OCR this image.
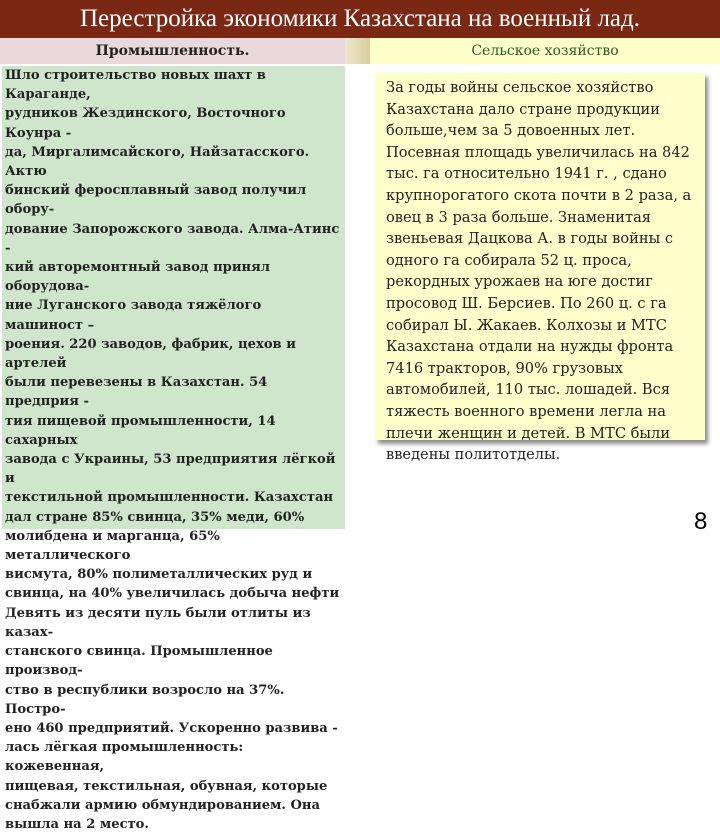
Перестройка экономики Казахстана на военный лад.
Промышленность.	Сельское хозяйство
Шло строительство новых шахт в Караганде,
рудников Жездинского, Восточного Коунра -
да, Миргалимсайского, Найзатасского. Актю
бинский феросплавный завод получил обору-
дование Запорожского завода. Алма-Атинс -
кий авторемонтный завод принял оборудова-
ние Луганского завода тяжёлого машиност –
роения. 220 заводов, фабрик, цехов и артелей
были перевезены в Казахстан. 54 предприя -
тия пищевой промышленности, 14 сахарных
завода с Украины, 53 предприятия лёгкой и
текстильной промышленности. Казахстан
дал стране 85% свинца, 35% меди, 60%
молибдена и марганца, 65% металлического
висмута, 80% полиметаллических руд и
свинца, на 40% увеличилась добыча нефти
Девять из десяти пуль были отлиты из казах-
станского свинца. Промышленное производ-
ство в республики возросло на 37%. Постро-
ено 460 предприятий. Ускоренно развива -
лась лёгкая промышленность: кожевенная,
пищевая, текстильная, обувная, которые
снабжали армию обмундированием. Она
вышла на 2 место.
За годы войны сельское хозяйство
Казахстана дало стране продукции
больше,чем за 5 довоенных лет.
Посевная площадь увеличилась на 842
тыс. га относительно 1941 г. , сдано
крупнорогатого скота почти в 2 раза, а
овец в 3 раза больше. Знаменитая
звеньевая Дацкова А. в годы войны с
одного га собирала 52 ц. проса,
рекордных урожаев на юге достиг
просовод Ш. Берсиев. По 260 ц. с га
собирал Ы. Жакаев. Колхозы и МТС
Казахстана отдали на нужды фронта
7416 тракторов, 90% грузовых
автомобилей, 110 тыс. лошадей. Вся
тяжесть военного времени легла на
плечи женщин и детей. В МТС были
введены политотделы.
8
